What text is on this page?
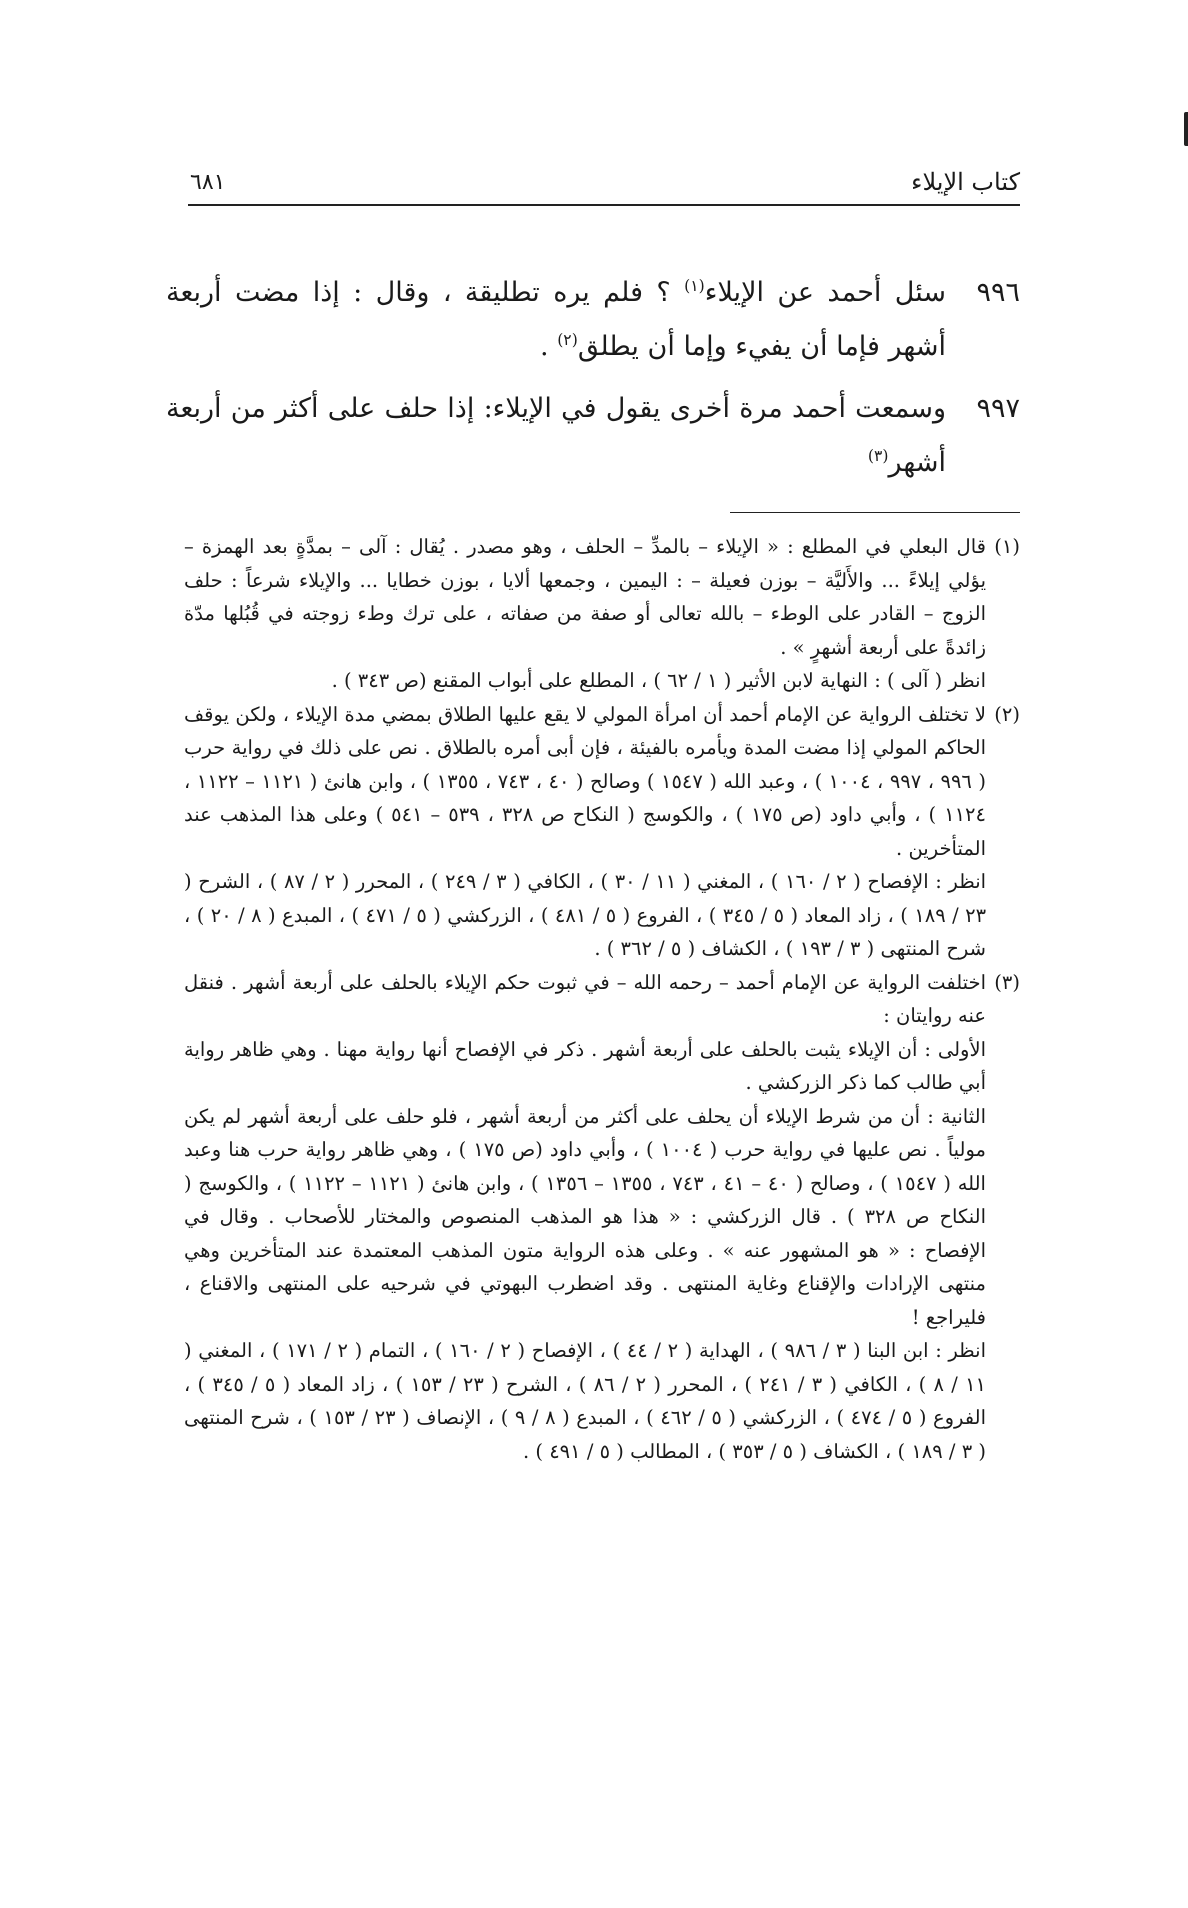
كتاب الإيلاء
٦٨١
٩٩٦
سئل أحمد عن الإيلاء$^{(١)}$ ؟ فلم يره تطليقة ، وقال : إذا مضت أربعة أشهر فإما أن يفيء وإما أن يطلق$^{(٢)}$ .
٩٩٧
وسمعت أحمد مرة أخرى يقول في الإيلاء: إذا حلف على أكثر من أربعة أشهر$^{(٣)}$
(١)

قال البعلي في المطلع : « الإيلاء – بالمدِّ – الحلف ، وهو مصدر . يُقال : آلى – بمدَّةٍ بعد الهمزة – يؤلي إيلاءً ... والأَليَّة – بوزن فعيلة – : اليمين ، وجمعها ألايا ، بوزن خطايا ... والإيلاء شرعاً : حلف الزوج – القادر على الوطء – بالله تعالى أو صفة من صفاته ، على ترك وطء زوجته في قُبُلها مدّة زائدةً على أربعة أشهرٍ » .

انظر ( آلى ) : النهاية لابن الأثير ( ١ / ٦٢ ) ، المطلع على أبواب المقنع (ص ٣٤٣ ) .

(٢)

لا تختلف الرواية عن الإمام أحمد أن امرأة المولي لا يقع عليها الطلاق بمضي مدة الإيلاء ، ولكن يوقف الحاكم المولي إذا مضت المدة ويأمره بالفيئة ، فإن أبى أمره بالطلاق . نص على ذلك في رواية حرب ( ٩٩٦ ، ٩٩٧ ، ١٠٠٤ ) ، وعبد الله ( ١٥٤٧ ) وصالح ( ٤٠ ، ٧٤٣ ، ١٣٥٥ ) ، وابن هانئ ( ١١٢١ – ١١٢٢ ، ١١٢٤ ) ، وأبي داود (ص ١٧٥ ) ، والكوسج ( النكاح ص ٣٢٨ ، ٥٣٩ – ٥٤١ ) وعلى هذا المذهب عند المتأخرين .

انظر : الإفصاح ( ٢ / ١٦٠ ) ، المغني ( ١١ / ٣٠ ) ، الكافي ( ٣ / ٢٤٩ ) ، المحرر ( ٢ / ٨٧ ) ، الشرح ( ٢٣ / ١٨٩ ) ، زاد المعاد ( ٥ / ٣٤٥ ) ، الفروع ( ٥ / ٤٨١ ) ، الزركشي ( ٥ / ٤٧١ ) ، المبدع ( ٨ / ٢٠ ) ، شرح المنتهى ( ٣ / ١٩٣ ) ، الكشاف ( ٥ / ٣٦٢ ) .

(٣)

اختلفت الرواية عن الإمام أحمد – رحمه الله – في ثبوت حكم الإيلاء بالحلف على أربعة أشهر . فنقل عنه روايتان :

الأولى : أن الإيلاء يثبت بالحلف على أربعة أشهر . ذكر في الإفصاح أنها رواية مهنا . وهي ظاهر رواية أبي طالب كما ذكر الزركشي .

الثانية : أن من شرط الإيلاء أن يحلف على أكثر من أربعة أشهر ، فلو حلف على أربعة أشهر لم يكن مولياً . نص عليها في رواية حرب ( ١٠٠٤ ) ، وأبي داود (ص ١٧٥ ) ، وهي ظاهر رواية حرب هنا وعبد الله ( ١٥٤٧ ) ، وصالح ( ٤٠ – ٤١ ، ٧٤٣ ، ١٣٥٥ – ١٣٥٦ ) ، وابن هانئ ( ١١٢١ – ١١٢٢ ) ، والكوسج ( النكاح ص ٣٢٨ ) . قال الزركشي : « هذا هو المذهب المنصوص والمختار للأصحاب . وقال في الإفصاح : « هو المشهور عنه » . وعلى هذه الرواية متون المذهب المعتمدة عند المتأخرين وهي منتهى الإرادات والإقناع وغاية المنتهى . وقد اضطرب البهوتي في شرحيه على المنتهى والاقناع ، فليراجع !

انظر : ابن البنا ( ٣ / ٩٨٦ ) ، الهداية ( ٢ / ٤٤ ) ، الإفصاح ( ٢ / ١٦٠ ) ، التمام ( ٢ / ١٧١ ) ، المغني ( ١١ / ٨ ) ، الكافي ( ٣ / ٢٤١ ) ، المحرر ( ٢ / ٨٦ ) ، الشرح ( ٢٣ / ١٥٣ ) ، زاد المعاد ( ٥ / ٣٤٥ ) ، الفروع ( ٥ / ٤٧٤ ) ، الزركشي ( ٥ / ٤٦٢ ) ، المبدع ( ٨ / ٩ ) ، الإنصاف ( ٢٣ / ١٥٣ ) ، شرح المنتهى ( ٣ / ١٨٩ ) ، الكشاف ( ٥ / ٣٥٣ ) ، المطالب ( ٥ / ٤٩١ ) .
